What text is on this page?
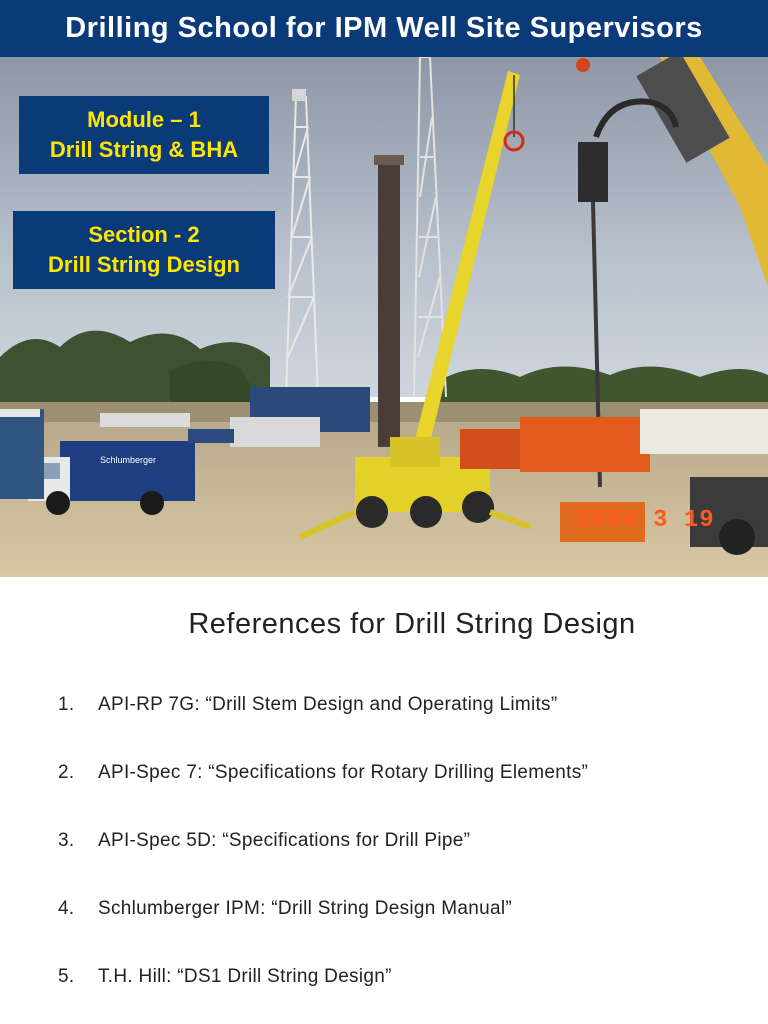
Drilling School for IPM Well Site Supervisors
Schlumberger
Module – 1
Drill String & BHA
Section - 2
Drill String Design
2004 3 19
References for Drill String Design
1.	API-RP 7G: “Drill Stem Design and Operating Limits”
2.	API-Spec 7: “Specifications for Rotary Drilling Elements”
3.	API-Spec 5D: “Specifications for Drill Pipe”
4.	Schlumberger IPM: “Drill String Design Manual”
5.	T.H. Hill: “DS1 Drill String Design”
